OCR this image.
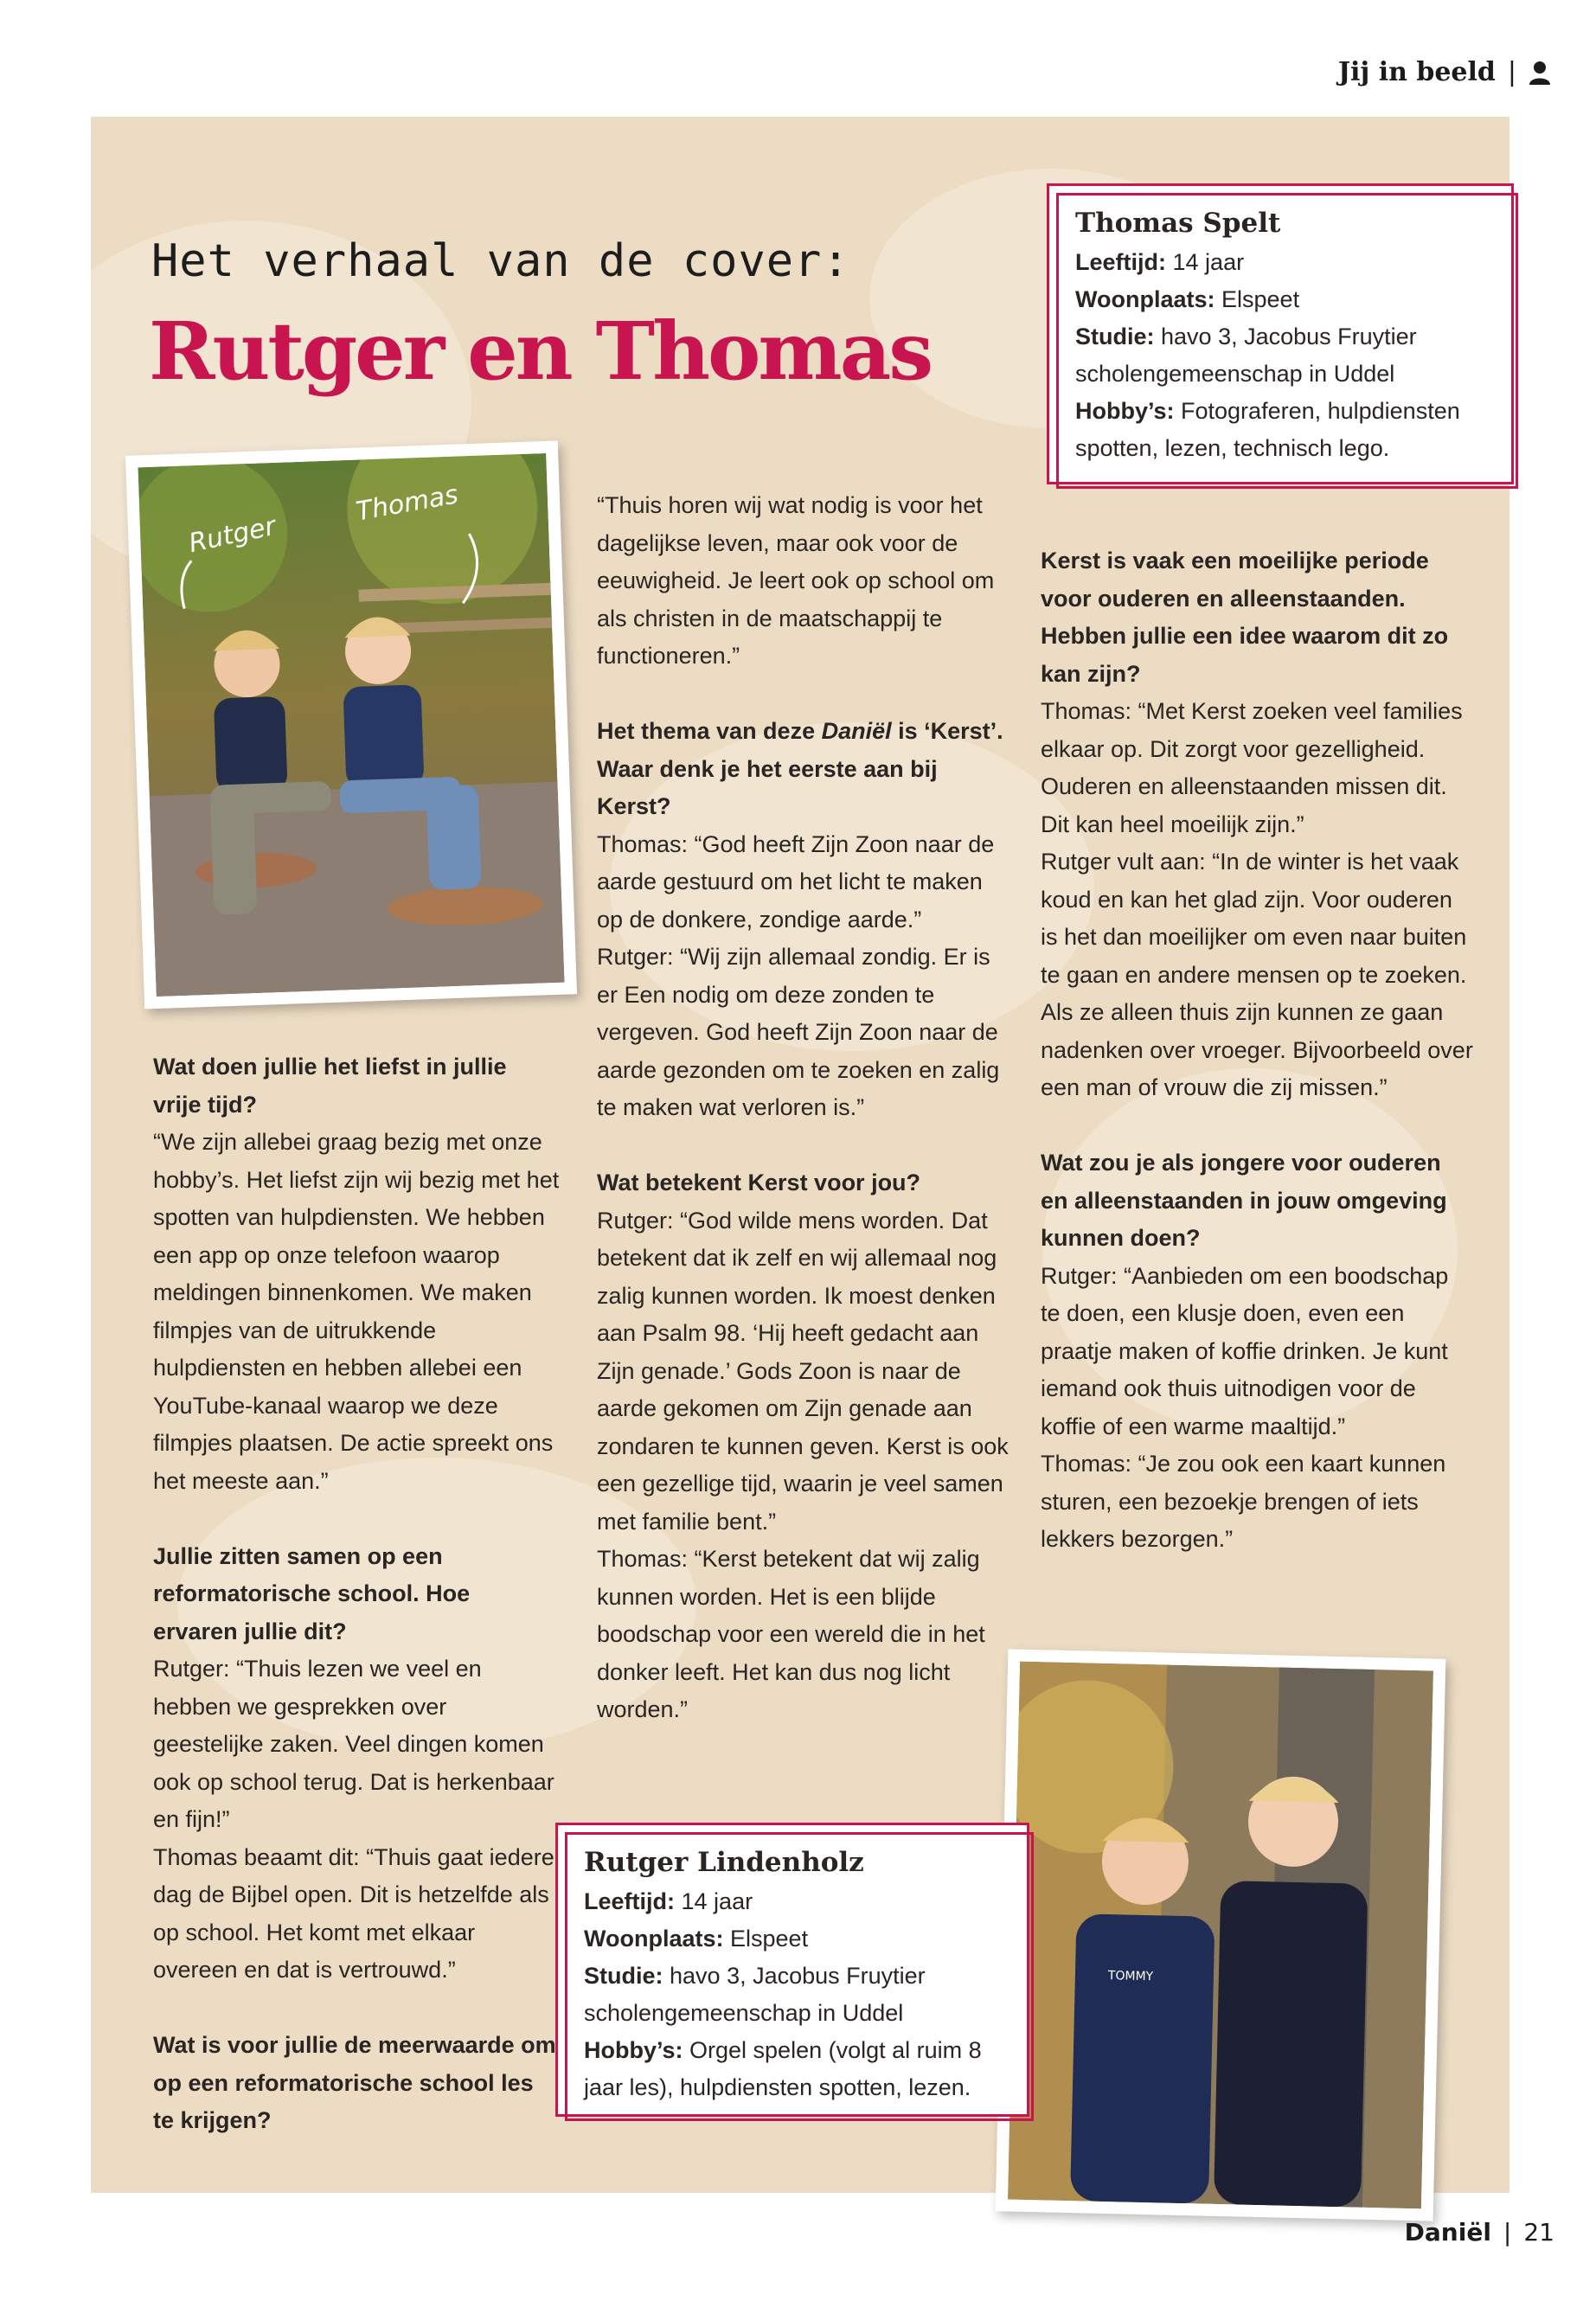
Jij in beeld |
Het verhaal van de cover:
Rutger en Thomas
Rutger
Thomas
TOMMY
Thomas Spelt
Leeftijd: 14 jaar
Woonplaats: Elspeet
Studie: havo 3, Jacobus Fruytier scholengemeenschap in Uddel
Hobby’s: Fotograferen, hulpdiensten spotten, lezen, technisch lego.
Rutger Lindenholz
Leeftijd: 14 jaar
Woonplaats: Elspeet
Studie: havo 3, Jacobus Fruytier scholengemeenschap in Uddel
Hobby’s: Orgel spelen (volgt al ruim 8 jaar les), hulpdiensten spotten, lezen.

Wat doen jullie het liefst in jullie vrije tijd?
“We zijn allebei graag bezig met onze hobby’s. Het liefst zijn wij bezig met het spotten van hulpdiensten. We hebben een app op onze telefoon waarop meldingen binnenkomen. We maken filmpjes van de uitrukkende hulpdiensten en hebben allebei een YouTube-kanaal waarop we deze filmpjes plaatsen. De actie spreekt ons het meeste aan.”

Jullie zitten samen op een reformatorische school. Hoe ervaren jullie dit?
Rutger: “Thuis lezen we veel en hebben we gesprekken over geestelijke zaken. Veel dingen komen ook op school terug. Dat is herkenbaar en fijn!”
Thomas beaamt dit: “Thuis gaat iedere dag de Bijbel open. Dit is hetzelfde als op school. Het komt met elkaar overeen en dat is vertrouwd.”

Wat is voor jullie de meerwaarde om op een reformatorische school les te krijgen?

“Thuis horen wij wat nodig is voor het dagelijkse leven, maar ook voor de eeuwigheid. Je leert ook op school om als christen in de maatschappij te functioneren.”

Het thema van deze Daniël is ‘Kerst’. Waar denk je het eerste aan bij Kerst?
Thomas: “God heeft Zijn Zoon naar de aarde gestuurd om het licht te maken op de donkere, zondige aarde.”
Rutger: “Wij zijn allemaal zondig. Er is er Een nodig om deze zonden te vergeven. God heeft Zijn Zoon naar de aarde gezonden om te zoeken en zalig te maken wat verloren is.”

Wat betekent Kerst voor jou?
Rutger: “God wilde mens worden. Dat betekent dat ik zelf en wij allemaal nog zalig kunnen worden. Ik moest denken aan Psalm 98. ‘Hij heeft gedacht aan Zijn genade.’ Gods Zoon is naar de aarde gekomen om Zijn genade aan zondaren te kunnen geven. Kerst is ook een gezellige tijd, waarin je veel samen met familie bent.”
Thomas: “Kerst betekent dat wij zalig kunnen worden. Het is een blijde boodschap voor een wereld die in het donker leeft. Het kan dus nog licht worden.”

Kerst is vaak een moeilijke periode voor ouderen en alleenstaanden. Hebben jullie een idee waarom dit zo kan zijn?
Thomas: “Met Kerst zoeken veel families elkaar op. Dit zorgt voor gezelligheid. Ouderen en alleenstaanden missen dit. Dit kan heel moeilijk zijn.”
Rutger vult aan: “In de winter is het vaak koud en kan het glad zijn. Voor ouderen is het dan moeilijker om even naar buiten te gaan en andere mensen op te zoeken. Als ze alleen thuis zijn kunnen ze gaan nadenken over vroeger. Bijvoorbeeld over een man of vrouw die zij missen.”

Wat zou je als jongere voor ouderen en alleenstaanden in jouw omgeving kunnen doen?
Rutger: “Aanbieden om een boodschap te doen, een klusje doen, even een praatje maken of koffie drinken. Je kunt iemand ook thuis uitnodigen voor de koffie of een warme maaltijd.”
Thomas: “Je zou ook een kaart kunnen sturen, een bezoekje brengen of iets lekkers bezorgen.”

Daniël | 21
